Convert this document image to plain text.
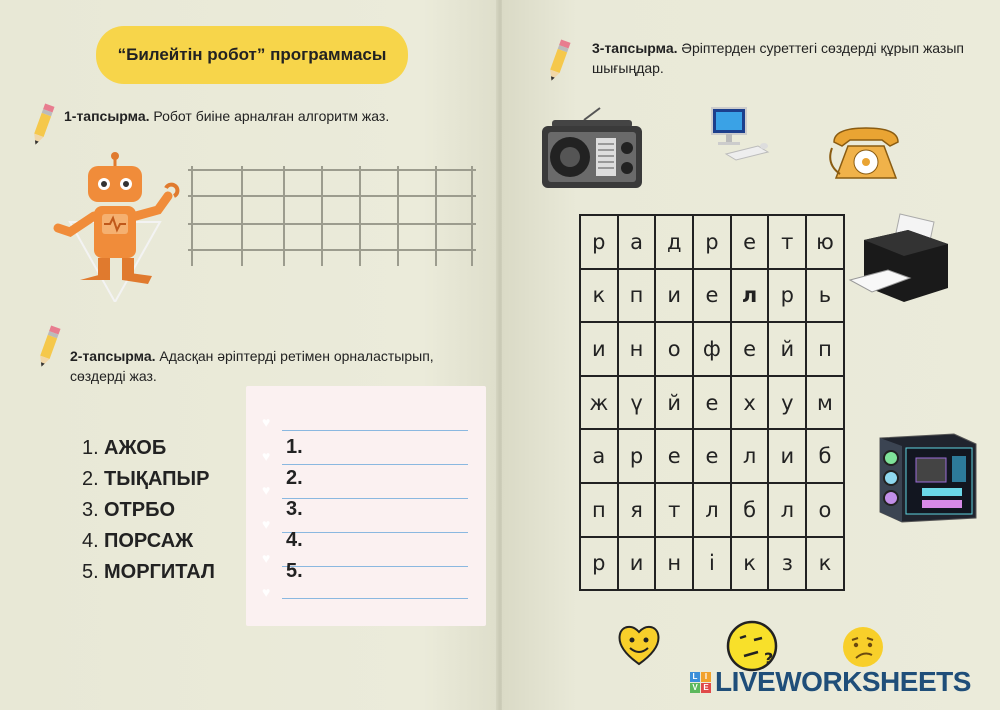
“Билейтін робот” программасы
1-тапсырма. Робот биіне арналған алгоритм жаз.
2-тапсырма. Адасқан әріптерді ретімен орналастырып, сөздерді жаз.
1. АЖОБ
2. ТЫҚАПЫР
3. ОТРБО
4. ПОРСАЖ
5. МОРГИТАЛ
♥
♥
♥
♥
♥
♥
1.
2.
3.
4.
5.
3-тапсырма. Әріптерден суреттегі сөздерді құрып жазып шығыңдар.
р	а	д	р	е	т	ю
к	п	и	е	л	р	ь
и	н	о	ф	е	й	п
ж	ү	й	е	х	у	м
а	р	е	е	л	и	б
п	я	т	л	б	л	о
р	и	н	і	к	з	к
?
L I
V E LIVEWORKSHEETS
